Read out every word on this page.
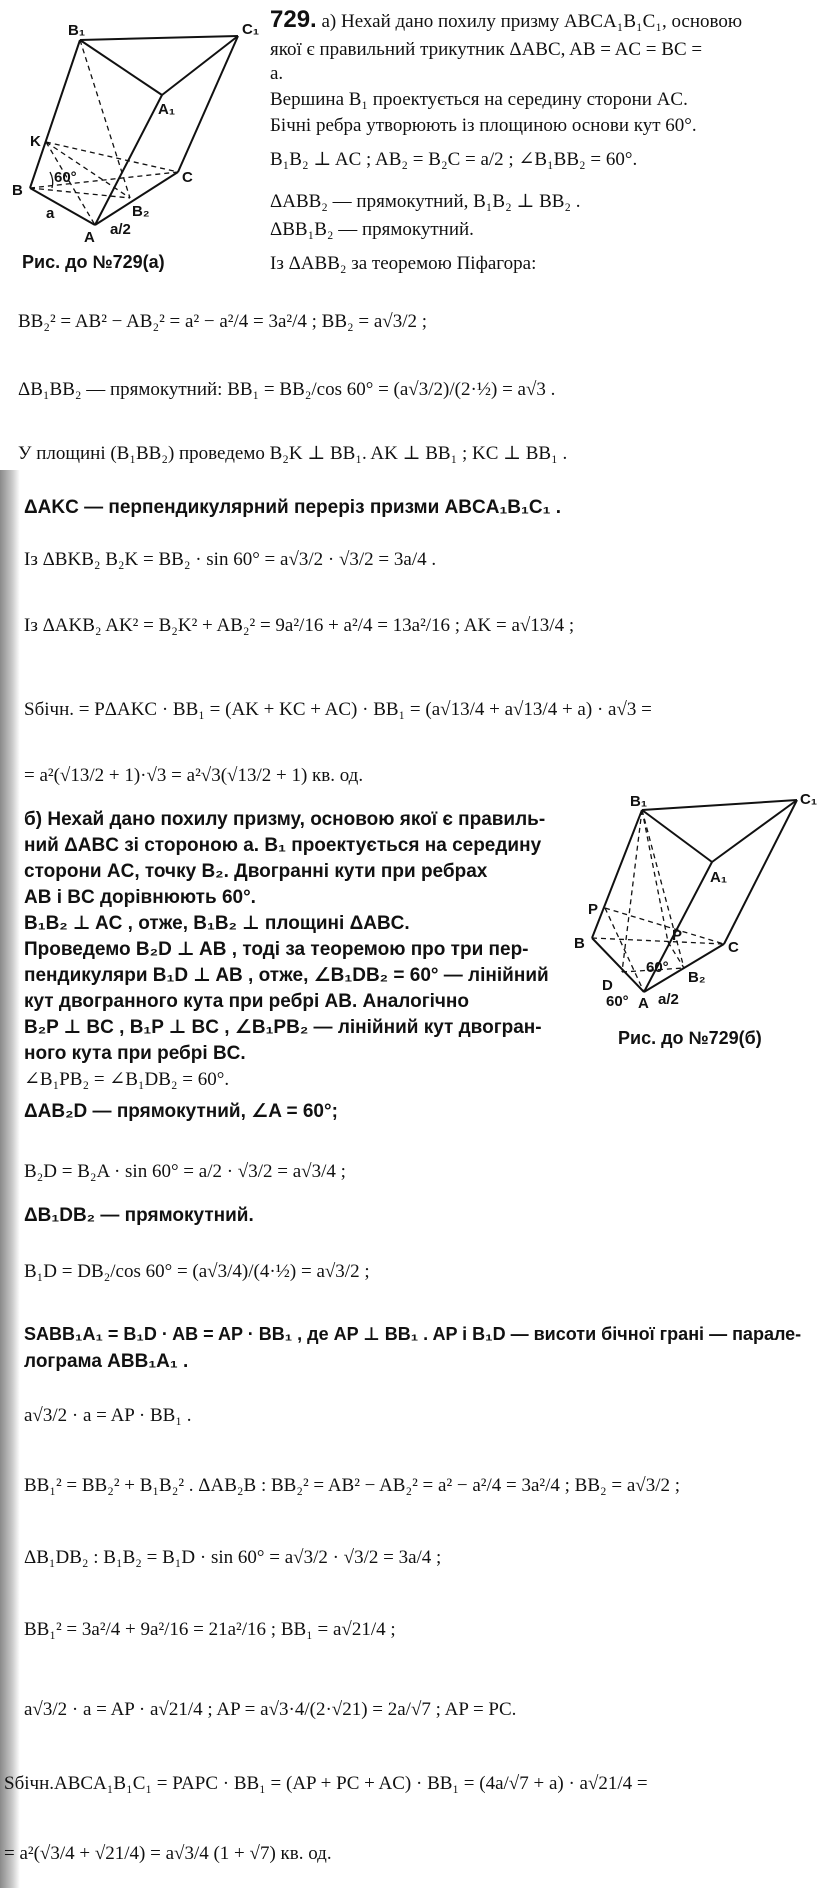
B₁	C₁
A₁
K
B
C
A
B₂
a
60°
a/2
Рис. до №729(а)
729. а) Нехай дано похилу призму ABCA₁B₁C₁, основою
якої є правильний трикутник ΔABC, AB = AC = BC =
a.
Вершина B₁ проектується на середину сторони AC.
Бічні ребра утворюють із площиною основи кут 60°.
B₁B₂ ⊥ AC ; AB₂ = B₂C = a/2 ; ∠B₁BB₂ = 60°.
ΔABB₂ — прямокутний, B₁B₂ ⊥ BB₂ .
ΔBB₁B₂ — прямокутний.
Із ΔABB₂ за теоремою Піфагора:
BB₂² = AB² − AB₂² = a² − a²/4 = 3a²/4 ; BB₂ = a√3/2 ;
ΔB₁BB₂ — прямокутний: BB₁ = BB₂/cos 60° = (a√3/2)/(2·½) = a√3 .
У площині (B₁BB₂) проведемо B₂K ⊥ BB₁. AK ⊥ BB₁ ; KC ⊥ BB₁ .
ΔAKC — перпендикулярний переріз призми ABCA₁B₁C₁ .
Із ΔBKB₂ B₂K = BB₂ · sin 60° = a√3/2 · √3/2 = 3a/4 .
Із ΔAKB₂ AK² = B₂K² + AB₂² = 9a²/16 + a²/4 = 13a²/16 ; AK = a√13/4 ;
Sбічн. = PΔAKC · BB₁ = (AK + KC + AC) · BB₁ = (a√13/4 + a√13/4 + a) · a√3 =
= a²(√13/2 + 1)·√3 = a²√3(√13/2 + 1) кв. од.
б) Нехай дано похилу призму, основою якої є правиль-
ний ΔABC зі стороною a. B₁ проектується на середину
сторони AC, точку B₂. Двогранні кути при ребрах
AB і BC дорівнюють 60°.
B₁B₂ ⊥ AC , отже, B₁B₂ ⊥ площині ΔABC.
Проведемо B₂D ⊥ AB , тоді за теоремою про три пер-
пендикуляри B₁D ⊥ AB , отже, ∠B₁DB₂ = 60° — лінійний
кут двогранного кута при ребрі AB. Аналогічно
B₂P ⊥ BC , B₁P ⊥ BC , ∠B₁PB₂ — лінійний кут двогран-
ного кута при ребрі BC.
∠B₁PB₂ = ∠B₁DB₂ = 60°.
ΔAB₂D — прямокутний, ∠A = 60°;
B₂D = B₂A · sin 60° = a/2 · √3/2 = a√3/4 ;
ΔB₁DB₂ — прямокутний.
B₁D = DB₂/cos 60° = (a√3/4)/(4·½) = a√3/2 ;
SABB₁A₁ = B₁D · AB = AP · BB₁ , де AP ⊥ BB₁ . AP і B₁D — висоти бічної грані — парале-
лограма ABB₁A₁ .
a√3/2 · a = AP · BB₁ .
BB₁² = BB₂² + B₁B₂² . ΔAB₂B : BB₂² = AB² − AB₂² = a² − a²/4 = 3a²/4 ; BB₂ = a√3/2 ;
ΔB₁DB₂ : B₁B₂ = B₁D · sin 60° = a√3/2 · √3/2 = 3a/4 ;
BB₁² = 3a²/4 + 9a²/16 = 21a²/16 ; BB₁ = a√21/4 ;
a√3/2 · a = AP · a√21/4 ; AP = a√3·4/(2·√21) = 2a/√7 ; AP = PC.
Sбічн.ABCA₁B₁C₁ = PAPC · BB₁ = (AP + PC + AC) · BB₁ = (4a/√7 + a) · a√21/4 =
= a²(√3/4 + √21/4) = a√3/4 (1 + √7) кв. од.
B₁	C₁
A₁
P
P
B	C
D
A
B₂
60°
60° a/2
Рис. до №729(б)
